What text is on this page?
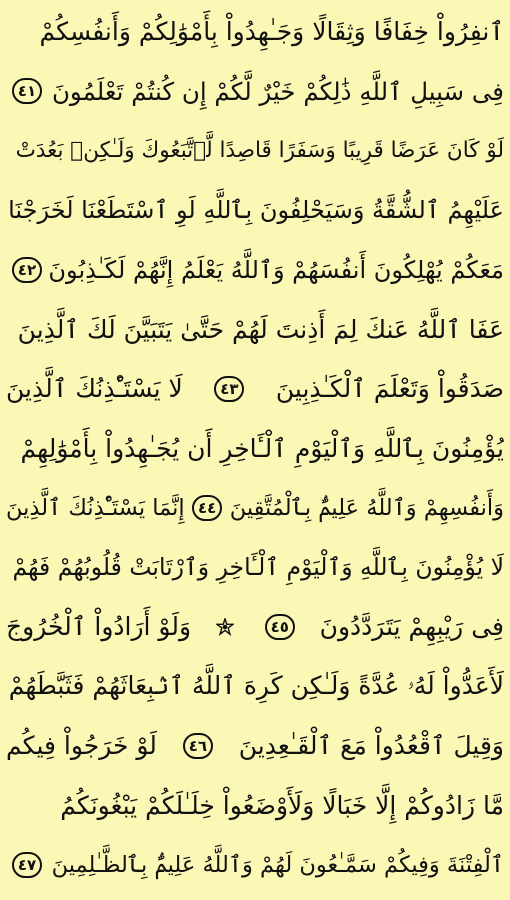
ٱنفِرُواْ خِفَافًا وَثِقَالًا وَجَـٰهِدُواْ بِأَمْوَٰلِكُمْ وَأَنفُسِكُمْ
فِى سَبِيلِ ٱللَّهِ ذَٰلِكُمْ خَيْرٌ لَّكُمْ إِن كُنتُمْ تَعْلَمُونَ
٤١
لَوْ كَانَ عَرَضًا قَرِيبًا وَسَفَرًا قَاصِدًا لَّٱتَّبَعُوكَ وَلَـٰكِنۢ بَعُدَتْ
عَلَيْهِمُ ٱلشُّقَّةُ وَسَيَحْلِفُونَ بِٱللَّهِ لَوِ ٱسْتَطَعْنَا لَخَرَجْنَا
مَعَكُمْ يُهْلِكُونَ أَنفُسَهُمْ وَٱللَّهُ يَعْلَمُ إِنَّهُمْ لَكَـٰذِبُونَ
٤٢
عَفَا ٱللَّهُ عَنكَ لِمَ أَذِنتَ لَهُمْ حَتَّىٰ يَتَبَيَّنَ لَكَ ٱلَّذِينَ
صَدَقُواْ وَتَعْلَمَ ٱلْكَـٰذِبِينَ
٤٣
لَا يَسْتَـْٔذِنُكَ ٱلَّذِينَ
يُؤْمِنُونَ بِٱللَّهِ وَٱلْيَوْمِ ٱلْـَٔاخِرِ أَن يُجَـٰهِدُواْ بِأَمْوَٰلِهِمْ
وَأَنفُسِهِمْ وَٱللَّهُ عَلِيمٌۢ بِٱلْمُتَّقِينَ
٤٤
إِنَّمَا يَسْتَـْٔذِنُكَ ٱلَّذِينَ
لَا يُؤْمِنُونَ بِٱللَّهِ وَٱلْيَوْمِ ٱلْـَٔاخِرِ وَٱرْتَابَتْ قُلُوبُهُمْ فَهُمْ
فِى رَيْبِهِمْ يَتَرَدَّدُونَ
٤٥
وَلَوْ أَرَادُواْ ٱلْخُرُوجَ
لَأَعَدُّواْ لَهُۥ عُدَّةً وَلَـٰكِن كَرِهَ ٱللَّهُ ٱنۢبِعَاثَهُمْ فَثَبَّطَهُمْ
وَقِيلَ ٱقْعُدُواْ مَعَ ٱلْقَـٰعِدِينَ
٤٦
لَوْ خَرَجُواْ فِيكُم
مَّا زَادُوكُمْ إِلَّا خَبَالًا وَلَأَوْضَعُواْ خِلَـٰلَكُمْ يَبْغُونَكُمُ
ٱلْفِتْنَةَ وَفِيكُمْ سَمَّـٰعُونَ لَهُمْ وَٱللَّهُ عَلِيمٌۢ بِٱلظَّـٰلِمِينَ
٤٧
